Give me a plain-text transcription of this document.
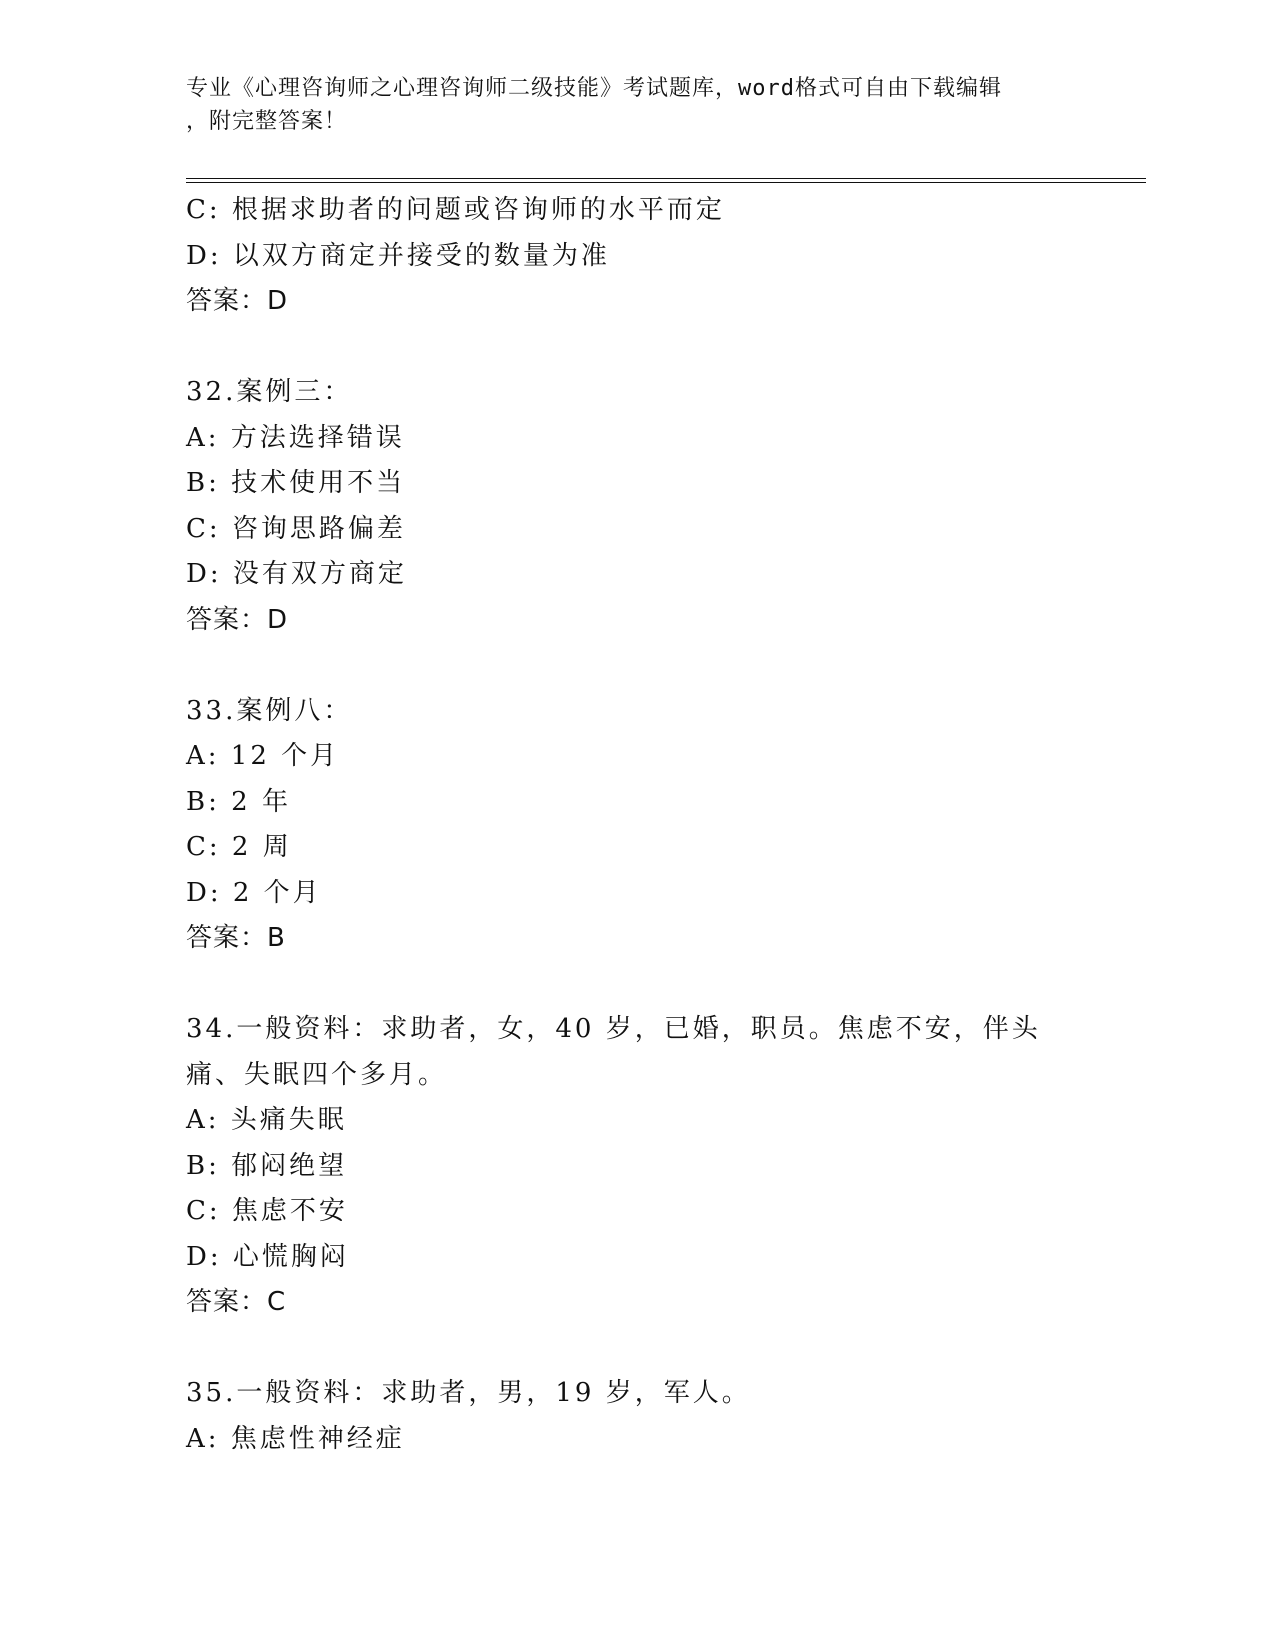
专业《心理咨询师之心理咨询师二级技能》考试题库，word格式可自由下载编辑
，附完整答案！
C: 根据求助者的问题或咨询师的水平而定
D: 以双方商定并接受的数量为准
答案：D
32.案例三：
A: 方法选择错误
B: 技术使用不当
C: 咨询思路偏差
D: 没有双方商定
答案：D
33.案例八：
A: 12 个月
B: 2 年
C: 2 周
D: 2 个月
答案：B
34.一般资料：求助者，女，40 岁，已婚，职员。焦虑不安，伴头痛、失眠四个多月。
A: 头痛失眠
B: 郁闷绝望
C: 焦虑不安
D: 心慌胸闷
答案：C
35.一般资料：求助者，男，19 岁，军人。
A: 焦虑性神经症
